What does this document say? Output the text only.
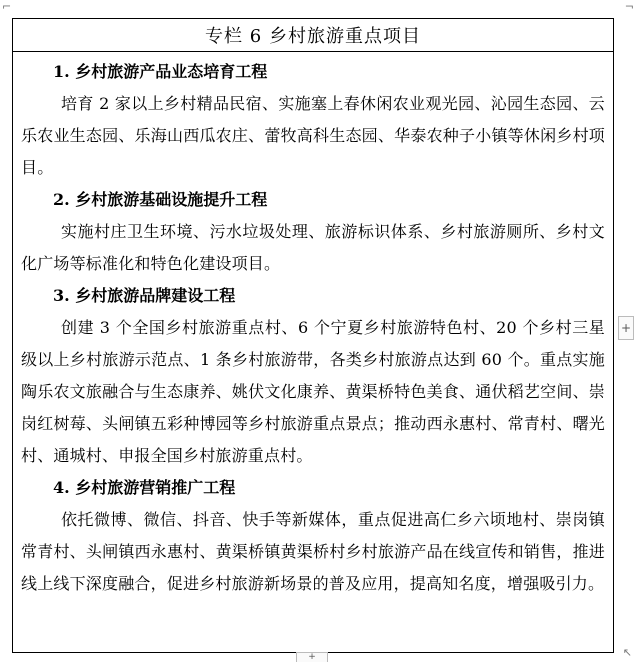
⌐	¬
↖
专栏 6 乡村旅游重点项目

1. 乡村旅游产品业态培育工程

培育 2 家以上乡村精品民宿、实施塞上春休闲农业观光园、沁园生态园、云乐农业生态园、乐海山西瓜农庄、蕾牧高科生态园、华泰农种子小镇等休闲乡村项目。

2. 乡村旅游基础设施提升工程

实施村庄卫生环境、污水垃圾处理、旅游标识体系、乡村旅游厕所、乡村文化广场等标准化和特色化建设项目。

3. 乡村旅游品牌建设工程

创建 3 个全国乡村旅游重点村、6 个宁夏乡村旅游特色村、20 个乡村三星级以上乡村旅游示范点、1 条乡村旅游带，各类乡村旅游点达到 60 个。重点实施陶乐农文旅融合与生态康养、姚伏文化康养、黄渠桥特色美食、通伏稻艺空间、崇岗红树莓、头闸镇五彩种博园等乡村旅游重点景点；推动西永惠村、常青村、曙光村、通城村、申报全国乡村旅游重点村。

4. 乡村旅游营销推广工程

依托微博、微信、抖音、快手等新媒体，重点促进高仁乡六顷地村、崇岗镇常青村、头闸镇西永惠村、黄渠桥镇黄渠桥村乡村旅游产品在线宣传和销售，推进线上线下深度融合，促进乡村旅游新场景的普及应用，提高知名度，增强吸引力。

+
+
